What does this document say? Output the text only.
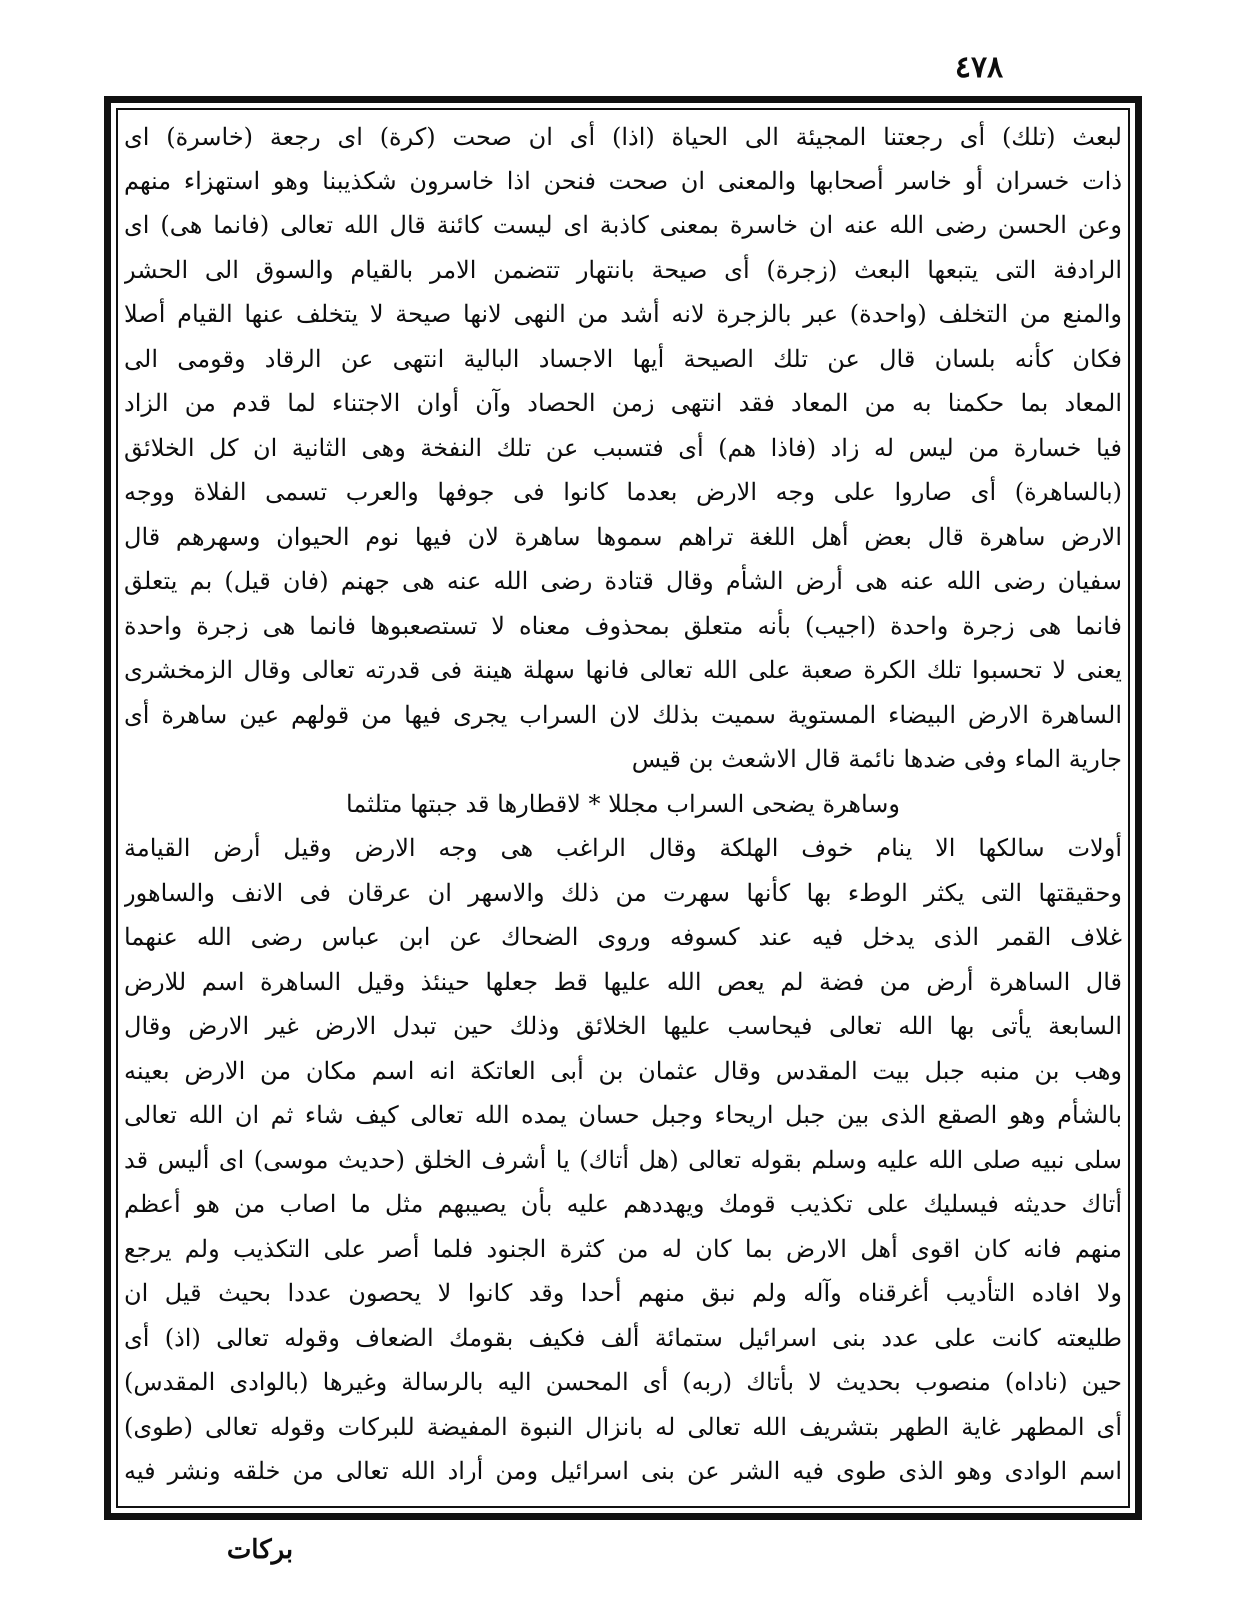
٤٧٨
لبعث (تلك) أى رجعتنا المجيئة الى الحياة (اذا) أى ان صحت (كرة) اى رجعة (خاسرة) اى
ذات خسران أو خاسر أصحابها والمعنى ان صحت فنحن اذا خاسرون شكذيبنا وهو استهزاء منهم
وعن الحسن رضى الله عنه ان خاسرة بمعنى كاذبة اى ليست كائنة قال الله تعالى (فانما هى) اى
الرادفة التى يتبعها البعث (زجرة) أى صيحة بانتهار تتضمن الامر بالقيام والسوق الى الحشر
والمنع من التخلف (واحدة) عبر بالزجرة لانه أشد من النهى لانها صيحة لا يتخلف عنها القيام أصلا
فكان كأنه بلسان قال عن تلك الصيحة أيها الاجساد البالية انتهى عن الرقاد وقومى الى
المعاد بما حكمنا به من المعاد فقد انتهى زمن الحصاد وآن أوان الاجتناء لما قدم من الزاد
فيا خسارة من ليس له زاد (فاذا هم) أى فتسبب عن تلك النفخة وهى الثانية ان كل الخلائق
(بالساهرة) أى صاروا على وجه الارض بعدما كانوا فى جوفها والعرب تسمى الفلاة ووجه
الارض ساهرة قال بعض أهل اللغة تراهم سموها ساهرة لان فيها نوم الحيوان وسهرهم قال
سفيان رضى الله عنه هى أرض الشأم وقال قتادة رضى الله عنه هى جهنم (فان قيل) بم يتعلق
فانما هى زجرة واحدة (اجيب) بأنه متعلق بمحذوف معناه لا تستصعبوها فانما هى زجرة واحدة
يعنى لا تحسبوا تلك الكرة صعبة على الله تعالى فانها سهلة هينة فى قدرته تعالى وقال الزمخشرى
الساهرة الارض البيضاء المستوية سميت بذلك لان السراب يجرى فيها من قولهم عين ساهرة أى
جارية الماء وفى ضدها نائمة قال الاشعث بن قيس
وساهرة يضحى السراب مجللا * لاقطارها قد جبتها متلثما
أولات سالكها الا ينام خوف الهلكة وقال الراغب هى وجه الارض وقيل أرض القيامة
وحقيقتها التى يكثر الوطء بها كأنها سهرت من ذلك والاسهر ان عرقان فى الانف والساهور
غلاف القمر الذى يدخل فيه عند كسوفه وروى الضحاك عن ابن عباس رضى الله عنهما
قال الساهرة أرض من فضة لم يعص الله عليها قط جعلها حينئذ وقيل الساهرة اسم للارض
السابعة يأتى بها الله تعالى فيحاسب عليها الخلائق وذلك حين تبدل الارض غير الارض وقال
وهب بن منبه جبل بيت المقدس وقال عثمان بن أبى العاتكة انه اسم مكان من الارض بعينه
بالشأم وهو الصقع الذى بين جبل اريحاء وجبل حسان يمده الله تعالى كيف شاء ثم ان الله تعالى
سلى نبيه صلى الله عليه وسلم بقوله تعالى (هل أتاك) يا أشرف الخلق (حديث موسى) اى أليس قد
أتاك حديثه فيسليك على تكذيب قومك ويهددهم عليه بأن يصيبهم مثل ما اصاب من هو أعظم
منهم فانه كان اقوى أهل الارض بما كان له من كثرة الجنود فلما أصر على التكذيب ولم يرجع
ولا افاده التأديب أغرقناه وآله ولم نبق منهم أحدا وقد كانوا لا يحصون عددا بحيث قيل ان
طليعته كانت على عدد بنى اسرائيل ستمائة ألف فكيف بقومك الضعاف وقوله تعالى (اذ) أى
حين (ناداه) منصوب بحديث لا بأتاك (ربه) أى المحسن اليه بالرسالة وغيرها (بالوادى المقدس)
أى المطهر غاية الطهر بتشريف الله تعالى له بانزال النبوة المفيضة للبركات وقوله تعالى (طوى)
اسم الوادى وهو الذى طوى فيه الشر عن بنى اسرائيل ومن أراد الله تعالى من خلقه ونشر فيه
بركات
